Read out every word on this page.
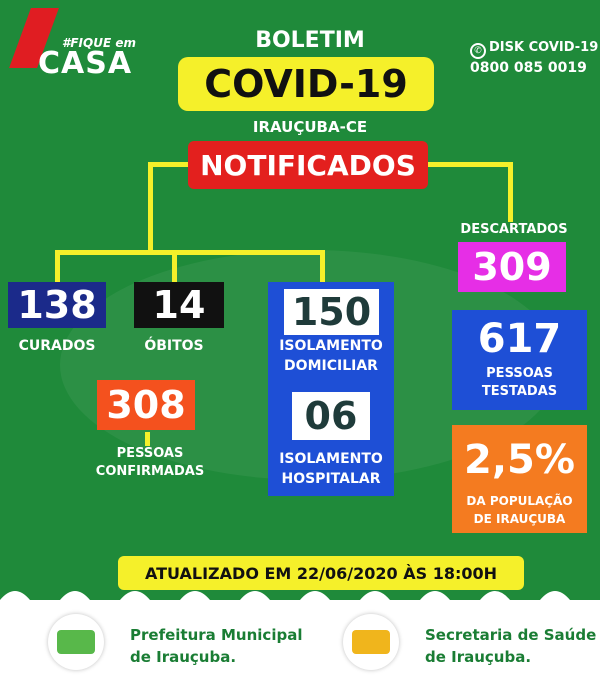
#FIQUE em
CASA
BOLETIM
COVID-19
IRAUÇUBA-CE
✆ DISK COVID-19
0800 085 0019
NOTIFICADOS
138
CURADOS
14
ÓBITOS
150
ISOLAMENTO
DOMICILIAR
06
ISOLAMENTO
HOSPITALAR
308
PESSOAS
CONFIRMADAS
DESCARTADOS
309
617
PESSOAS
TESTADAS
2,5%
DA POPULAÇÃO
DE IRAUÇUBA
ATUALIZADO EM 22/06/2020 ÀS 18:00H
Prefeitura Municipal
de Irauçuba.
Secretaria de Saúde
de Irauçuba.
